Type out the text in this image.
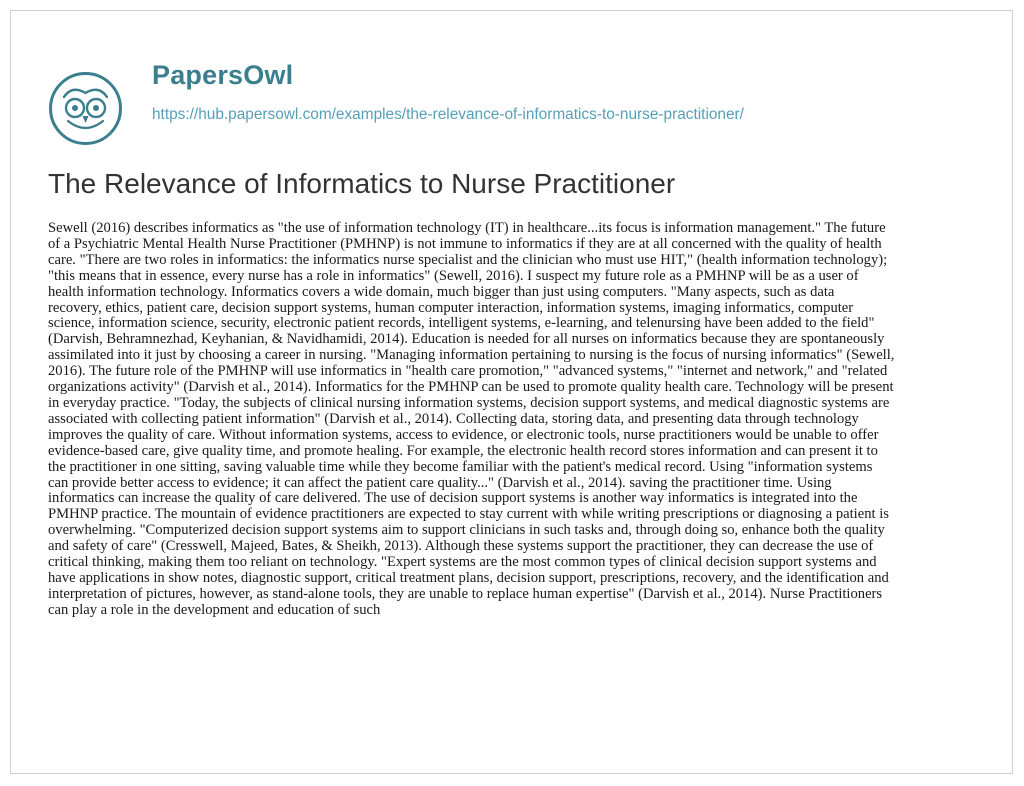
PapersOwl
https://hub.papersowl.com/examples/the-relevance-of-informatics-to-nurse-practitioner/
The Relevance of Informatics to Nurse Practitioner
Sewell (2016) describes informatics as "the use of information technology (IT) in healthcare...its focus is information management." The future
of a Psychiatric Mental Health Nurse Practitioner (PMHNP) is not immune to informatics if they are at all concerned with the quality of health
care. "There are two roles in informatics: the informatics nurse specialist and the clinician who must use HIT," (health information technology);
"this means that in essence, every nurse has a role in informatics" (Sewell, 2016). I suspect my future role as a PMHNP will be as a user of
health information technology. Informatics covers a wide domain, much bigger than just using computers. "Many aspects, such as data
recovery, ethics, patient care, decision support systems, human computer interaction, information systems, imaging informatics, computer
science, information science, security, electronic patient records, intelligent systems, e-learning, and telenursing have been added to the field"
(Darvish, Behramnezhad, Keyhanian, & Navidhamidi, 2014). Education is needed for all nurses on informatics because they are spontaneously
assimilated into it just by choosing a career in nursing. "Managing information pertaining to nursing is the focus of nursing informatics" (Sewell,
2016). The future role of the PMHNP will use informatics in "health care promotion," "advanced systems," "internet and network," and "related
organizations activity" (Darvish et al., 2014). Informatics for the PMHNP can be used to promote quality health care. Technology will be present
in everyday practice. "Today, the subjects of clinical nursing information systems, decision support systems, and medical diagnostic systems are
associated with collecting patient information" (Darvish et al., 2014). Collecting data, storing data, and presenting data through technology
improves the quality of care. Without information systems, access to evidence, or electronic tools, nurse practitioners would be unable to offer
evidence-based care, give quality time, and promote healing. For example, the electronic health record stores information and can present it to
the practitioner in one sitting, saving valuable time while they become familiar with the patient's medical record. Using "information systems
can provide better access to evidence; it can affect the patient care quality..." (Darvish et al., 2014). saving the practitioner time. Using
informatics can increase the quality of care delivered. The use of decision support systems is another way informatics is integrated into the
PMHNP practice. The mountain of evidence practitioners are expected to stay current with while writing prescriptions or diagnosing a patient is
overwhelming. "Computerized decision support systems aim to support clinicians in such tasks and, through doing so, enhance both the quality
and safety of care" (Cresswell, Majeed, Bates, & Sheikh, 2013). Although these systems support the practitioner, they can decrease the use of
critical thinking, making them too reliant on technology. "Expert systems are the most common types of clinical decision support systems and
have applications in show notes, diagnostic support, critical treatment plans, decision support, prescriptions, recovery, and the identification and
interpretation of pictures, however, as stand-alone tools, they are unable to replace human expertise" (Darvish et al., 2014). Nurse Practitioners
can play a role in the development and education of such
